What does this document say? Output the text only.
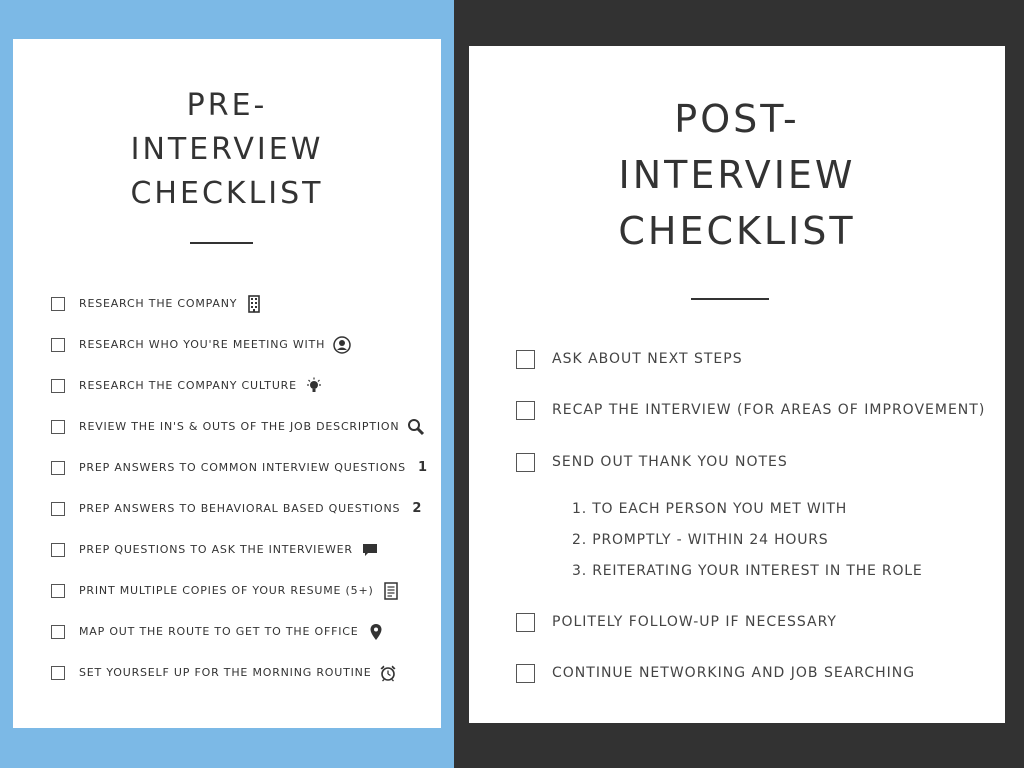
PRE-
INTERVIEW
CHECKLIST
RESEARCH THE COMPANY
RESEARCH WHO YOU'RE MEETING WITH
RESEARCH THE COMPANY CULTURE
REVIEW THE IN'S & OUTS OF THE JOB DESCRIPTION
PREP ANSWERS TO COMMON INTERVIEW QUESTIONS 1
PREP ANSWERS TO BEHAVIORAL BASED QUESTIONS 2
PREP QUESTIONS TO ASK THE INTERVIEWER
PRINT MULTIPLE COPIES OF YOUR RESUME (5+)
MAP OUT THE ROUTE TO GET TO THE OFFICE
SET YOURSELF UP FOR THE MORNING ROUTINE
POST-
INTERVIEW
CHECKLIST
ASK ABOUT NEXT STEPS
RECAP THE INTERVIEW (FOR AREAS OF IMPROVEMENT)
SEND OUT THANK YOU NOTES
1. TO EACH PERSON YOU MET WITH
2. PROMPTLY - WITHIN 24 HOURS
3. REITERATING YOUR INTEREST IN THE ROLE
POLITELY FOLLOW-UP IF NECESSARY
CONTINUE NETWORKING AND JOB SEARCHING
